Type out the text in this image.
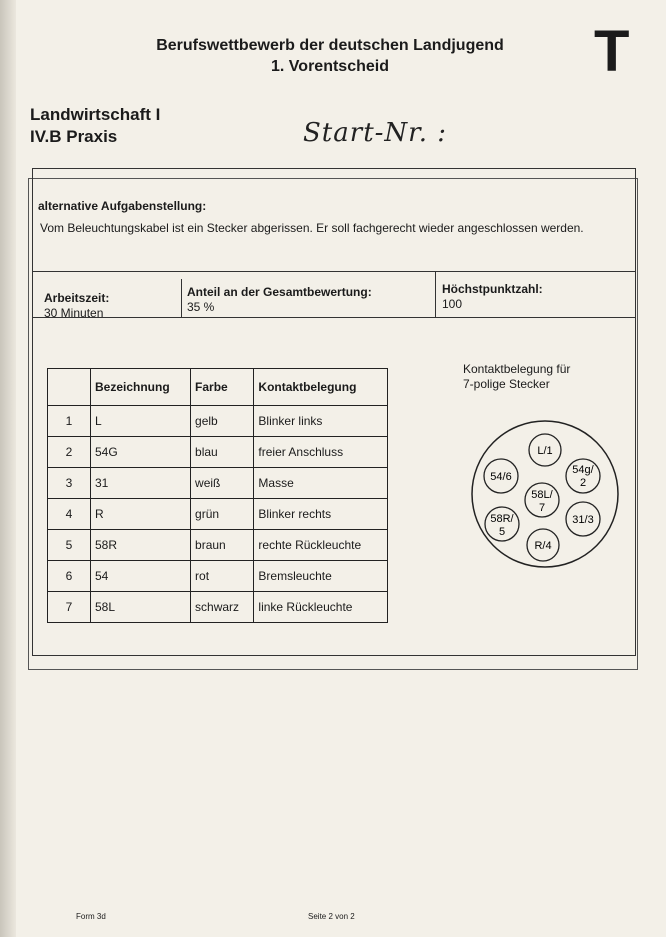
Berufswettbewerb der deutschen Landjugend
1. Vorentscheid	T
Landwirtschaft I
IV.B Praxis	Start-Nr. :
alternative Aufgabenstellung:
Vom Beleuchtungskabel ist ein Stecker abgerissen. Er soll fachgerecht wieder angeschlossen werden.
Arbeitszeit:
30 Minuten
Anteil an der Gesamtbewertung:
35 %
Höchstpunktzahl:
100
	Bezeichnung	Farbe	Kontaktbelegung
1	L	gelb	Blinker links
2	54G	blau	freier Anschluss
3	31	weiß	Masse
4	R	grün	Blinker rechts
5	58R	braun	rechte Rückleuchte
6	54	rot	Bremsleuchte
7	58L	schwarz	linke Rückleuchte
Kontaktbelegung für
7-polige Stecker
L/1
54g/
2
31/3
R/4
58R/
5
54/6
58L/
7
Form 3d	Seite 2 von 2
